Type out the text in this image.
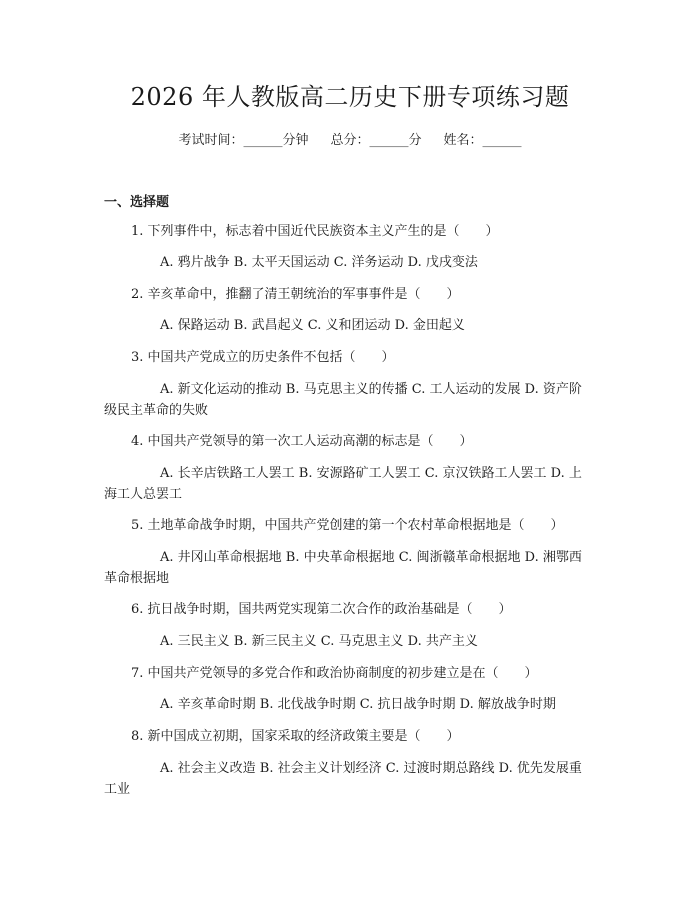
2026 年人教版高二历史下册专项练习题
考试时间：______分钟 总分：______分 姓名：______
一、选择题
1. 下列事件中，标志着中国近代民族资本主义产生的是（　　）
A. 鸦片战争 B. 太平天国运动 C. 洋务运动 D. 戊戌变法
2. 辛亥革命中，推翻了清王朝统治的军事事件是（　　）
A. 保路运动 B. 武昌起义 C. 义和团运动 D. 金田起义
3. 中国共产党成立的历史条件不包括（　　）
A. 新文化运动的推动 B. 马克思主义的传播 C. 工人运动的发展 D. 资产阶级民主革命的失败
4. 中国共产党领导的第一次工人运动高潮的标志是（　　）
A. 长辛店铁路工人罢工 B. 安源路矿工人罢工 C. 京汉铁路工人罢工 D. 上海工人总罢工
5. 土地革命战争时期，中国共产党创建的第一个农村革命根据地是（　　）
A. 井冈山革命根据地 B. 中央革命根据地 C. 闽浙赣革命根据地 D. 湘鄂西革命根据地
6. 抗日战争时期，国共两党实现第二次合作的政治基础是（　　）
A. 三民主义 B. 新三民主义 C. 马克思主义 D. 共产主义
7. 中国共产党领导的多党合作和政治协商制度的初步建立是在（　　）
A. 辛亥革命时期 B. 北伐战争时期 C. 抗日战争时期 D. 解放战争时期
8. 新中国成立初期，国家采取的经济政策主要是（　　）
A. 社会主义改造 B. 社会主义计划经济 C. 过渡时期总路线 D. 优先发展重工业
